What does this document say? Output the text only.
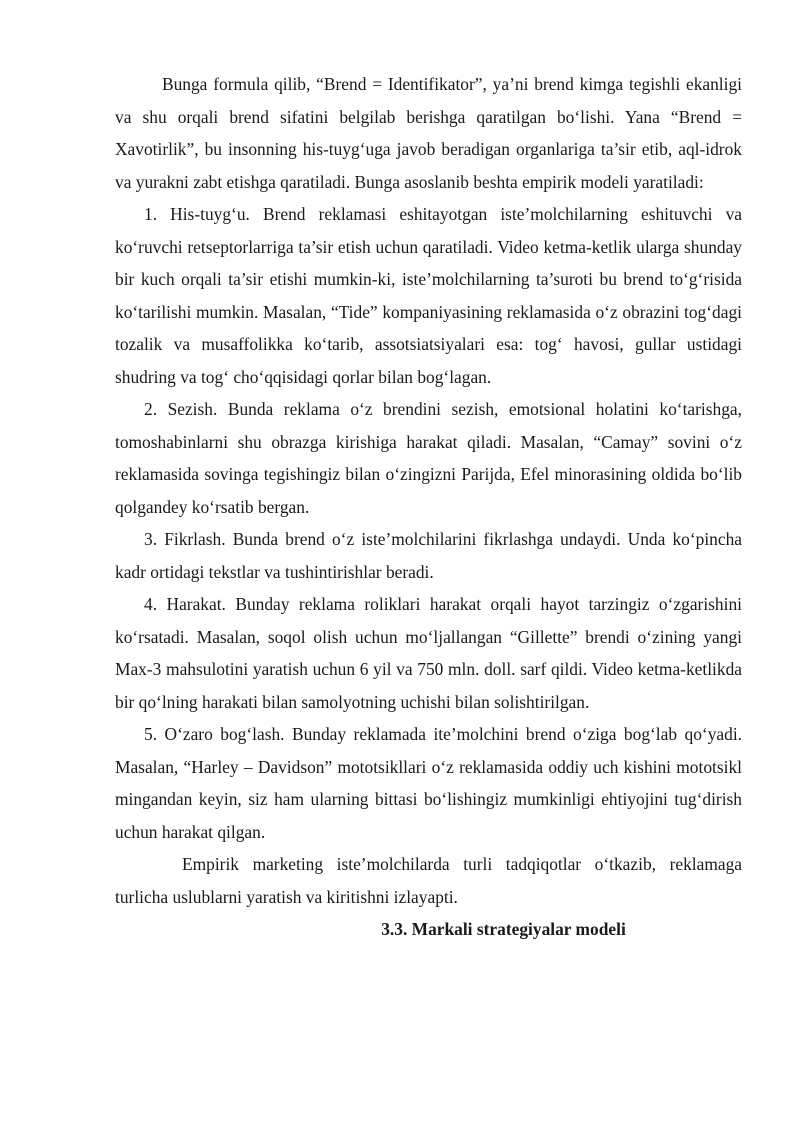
Bunga formula qilib, “Brend = Identifikator”, ya’ni brend kimga tegishli ekanligi va shu orqali brend sifatini belgilab berishga qaratilgan bo‘lishi. Yana “Brend = Xavotirlik”, bu insonning his-tuyg‘uga javob beradigan organlariga ta’sir etib, aql-idrok va yurakni zabt etishga qaratiladi. Bunga asoslanib beshta empirik modeli yaratiladi:

1. His-tuyg‘u. Brend reklamasi eshitayotgan iste’molchilarning eshituvchi va ko‘ruvchi retseptorlarriga ta’sir etish uchun qaratiladi. Video ketma-ketlik ularga shunday bir kuch orqali ta’sir etishi mumkin-ki, iste’molchilarning ta’suroti bu brend to‘g‘risida ko‘tarilishi mumkin. Masalan, “Tide” kompaniyasining reklamasida o‘z obrazini tog‘dagi tozalik va musaffolikka ko‘tarib, assotsiatsiyalari esa: tog‘ havosi, gullar ustidagi shudring va tog‘ cho‘qqisidagi qorlar bilan bog‘lagan.

2. Sezish. Bunda reklama o‘z brendini sezish, emotsional holatini ko‘tarishga, tomoshabinlarni shu obrazga kirishiga harakat qiladi. Masalan, “Camay” sovini o‘z reklamasida sovinga tegishingiz bilan o‘zingizni Parijda, Efel minorasining oldida bo‘lib qolgandey ko‘rsatib bergan.

3. Fikrlash. Bunda brend o‘z iste’molchilarini fikrlashga undaydi. Unda ko‘pincha kadr ortidagi tekstlar va tushintirishlar beradi.

4. Harakat. Bunday reklama roliklari harakat orqali hayot tarzingiz o‘zgarishini ko‘rsatadi. Masalan, soqol olish uchun mo‘ljallangan “Gillette” brendi o‘zining yangi Max-3 mahsulotini yaratish uchun 6 yil va 750 mln. doll. sarf qildi. Video ketma-ketlikda bir qo‘lning harakati bilan samolyotning uchishi bilan solishtirilgan.

5. O‘zaro bog‘lash. Bunday reklamada ite’molchini brend o‘ziga bog‘lab qo‘yadi. Masalan, “Harley – Davidson” mototsikllari o‘z reklamasida oddiy uch kishini mototsikl mingandan keyin, siz ham ularning bittasi bo‘lishingiz mumkinligi ehtiyojini tug‘dirish uchun harakat qilgan.

Empirik marketing iste’molchilarda turli tadqiqotlar o‘tkazib, reklamaga turlicha uslublarni yaratish va kiritishni izlayapti.

3.3. Markali strategiyalar modeli
